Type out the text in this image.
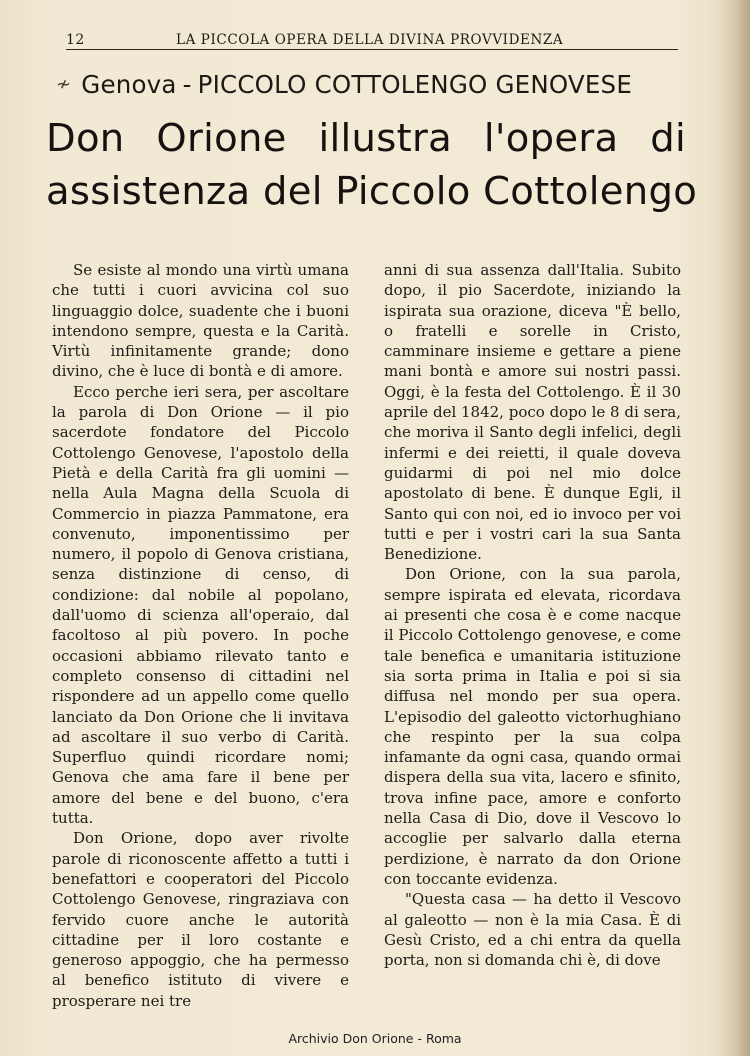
12	LA PICCOLA OPERA DELLA DIVINA PROVVIDENZA
≁ Genova - PICCOLO COTTOLENGO GENOVESE
Don Orione illustra l'opera di
assistenza del Piccolo Cottolengo

Se esiste al mondo una virtù umana che tutti i cuori avvicina col suo linguaggio dolce, suadente che i buoni intendono sempre, questa e la Carità. Virtù infinitamente grande; dono divino, che è luce di bontà e di amore.

Ecco perche ieri sera, per ascoltare la parola di Don Orione — il pio sacerdote fondatore del Piccolo Cottolengo Genovese, l'apostolo della Pietà e della Carità fra gli uomini — nella Aula Magna della Scuola di Commercio in piazza Pammatone, era convenuto, imponentissimo per numero, il popolo di Genova cristiana, senza distinzione di censo, di condizione: dal nobile al popolano, dall'uomo di scienza all'operaio, dal facoltoso al più povero. In poche occasioni abbiamo rilevato tanto e completo consenso di cittadini nel rispondere ad un appello come quello lanciato da Don Orione che li invitava ad ascoltare il suo verbo di Carità. Superfluo quindi ricordare nomi; Genova che ama fare il bene per amore del bene e del buono, c'era tutta.

Don Orione, dopo aver rivolte parole di riconoscente affetto a tutti i benefattori e cooperatori del Piccolo Cottolengo Genovese, ringraziava con fervido cuore anche le autorità cittadine per il loro costante e generoso appoggio, che ha permesso al benefico istituto di vivere e prosperare nei tre

anni di sua assenza dall'Italia. Subito dopo, il pio Sacerdote, iniziando la ispirata sua orazione, diceva "È bello, o fratelli e sorelle in Cristo, camminare insieme e gettare a piene mani bontà e amore sui nostri passi. Oggi, è la festa del Cottolengo. È il 30 aprile del 1842, poco dopo le 8 di sera, che moriva il Santo degli infelici, degli infermi e dei reietti, il quale doveva guidarmi di poi nel mio dolce apostolato di bene. È dunque Egli, il Santo qui con noi, ed io invoco per voi tutti e per i vostri cari la sua Santa Benedizione.

Don Orione, con la sua parola, sempre ispirata ed elevata, ricordava ai presenti che cosa è e come nacque il Piccolo Cottolengo genovese, e come tale benefica e umanitaria istituzione sia sorta prima in Italia e poi si sia diffusa nel mondo per sua opera. L'episodio del galeotto victorhughiano che respinto per la sua colpa infamante da ogni casa, quando ormai dispera della sua vita, lacero e sfinito, trova infine pace, amore e conforto nella Casa di Dio, dove il Vescovo lo accoglie per salvarlo dalla eterna perdizione, è narrato da don Orione con toccante evidenza.

"Questa casa — ha detto il Vescovo al galeotto — non è la mia Casa. È di Gesù Cristo, ed a chi entra da quella porta, non si domanda chi è, di dove

Archivio Don Orione - Roma
